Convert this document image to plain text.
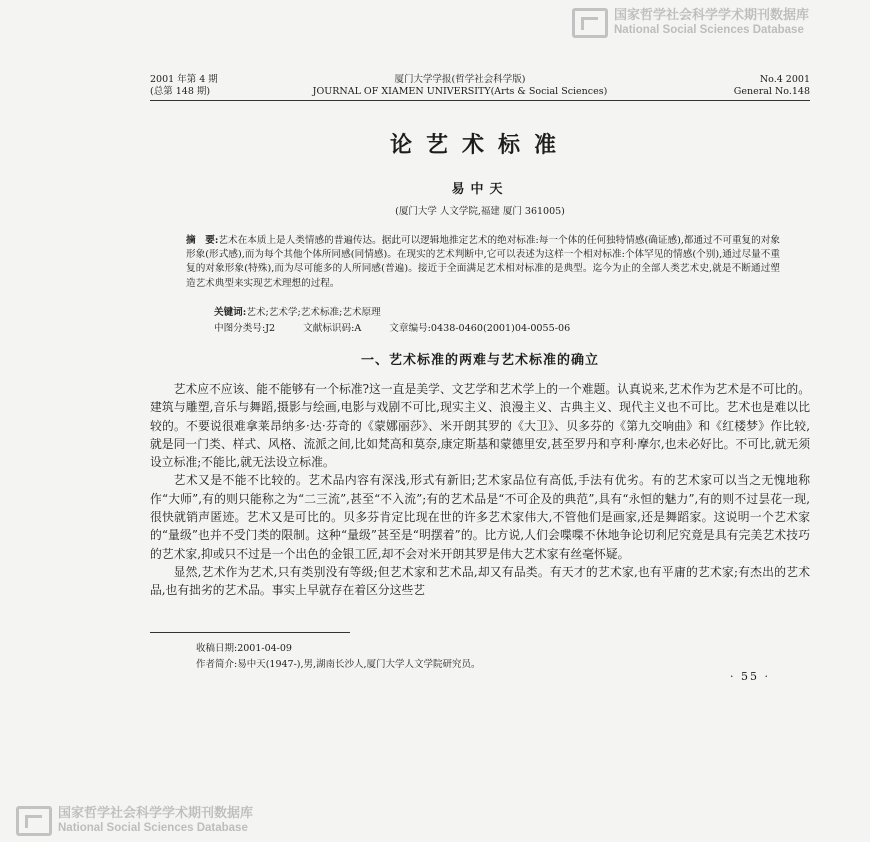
国家哲学社会科学学术期刊数据库
National Social Sciences Database
2001 年第 4 期
(总第 148 期)
厦门大学学报(哲学社会科学版)
JOURNAL OF XIAMEN UNIVERSITY(Arts & Social Sciences)
No.4 2001
General No.148
论艺术标准
易中天
(厦门大学 人文学院,福建 厦门 361005)

摘　要:艺术在本质上是人类情感的普遍传达。据此可以逻辑地推定艺术的绝对标准:每一个体的任何独特情感(确证感),都通过不可重复的对象形象(形式感),而为每个其他个体所同感(同情感)。在现实的艺术判断中,它可以表述为这样一个相对标准:个体罕见的情感(个别),通过尽量不重复的对象形象(特殊),而为尽可能多的人所同感(普遍)。接近于全面满足艺术相对标准的是典型。迄今为止的全部人类艺术史,就是不断通过塑造艺术典型来实现艺术理想的过程。

关键词:艺术;艺术学;艺术标准;艺术原理
中图分类号:J2	文献标识码:A	文章编号:0438-0460(2001)04-0055-06
一、艺术标准的两难与艺术标准的确立

艺术应不应该、能不能够有一个标准?这一直是美学、文艺学和艺术学上的一个难题。认真说来,艺术作为艺术是不可比的。建筑与雕塑,音乐与舞蹈,摄影与绘画,电影与戏剧不可比,现实主义、浪漫主义、古典主义、现代主义也不可比。艺术也是难以比较的。不要说很难拿莱昂纳多·达·芬奇的《蒙娜丽莎》、米开朗其罗的《大卫》、贝多芬的《第九交响曲》和《红楼梦》作比较,就是同一门类、样式、风格、流派之间,比如梵高和莫奈,康定斯基和蒙德里安,甚至罗丹和亨利·摩尔,也未必好比。不可比,就无须设立标准;不能比,就无法设立标准。

艺术又是不能不比较的。艺术品内容有深浅,形式有新旧;艺术家品位有高低,手法有优劣。有的艺术家可以当之无愧地称作“大师”,有的则只能称之为“二三流”,甚至“不入流”;有的艺术品是“不可企及的典范”,具有“永恒的魅力”,有的则不过昙花一现,很快就销声匿迹。艺术又是可比的。贝多芬肯定比现在世的许多艺术家伟大,不管他们是画家,还是舞蹈家。这说明一个艺术家的“量级”也并不受门类的限制。这种“量级”甚至是“明摆着”的。比方说,人们会喋喋不休地争论切利尼究竟是具有完美艺术技巧的艺术家,抑或只不过是一个出色的金银工匠,却不会对米开朗其罗是伟大艺术家有丝毫怀疑。

显然,艺术作为艺术,只有类别没有等级;但艺术家和艺术品,却又有品类。有天才的艺术家,也有平庸的艺术家;有杰出的艺术品,也有拙劣的艺术品。事实上早就存在着区分这些艺

收稿日期:2001-04-09
作者简介:易中天(1947-),男,湖南长沙人,厦门大学人文学院研究员。
· 55 ·
国家哲学社会科学学术期刊数据库
National Social Sciences Database
